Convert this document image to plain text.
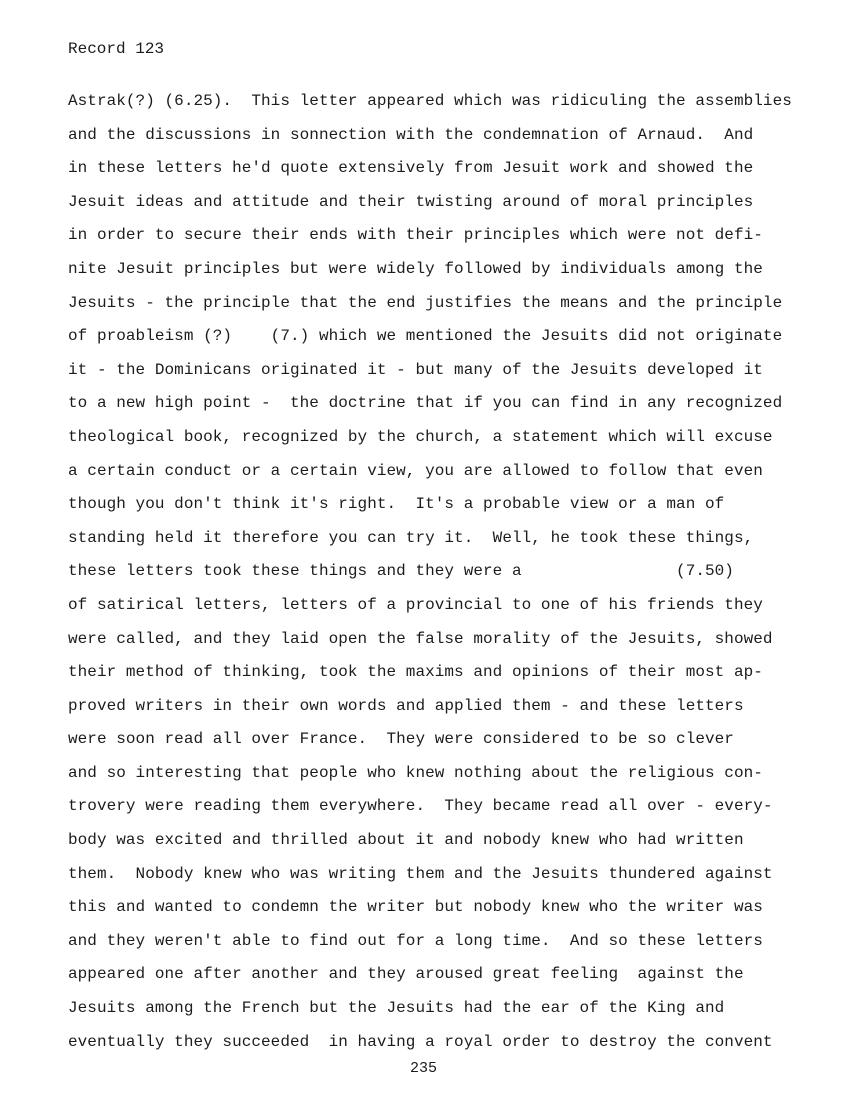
Record 123
Astrak(?) (6.25).  This letter appeared which was ridiculing the assemblies
and the discussions in sonnection with the condemnation of Arnaud.  And
in these letters he'd quote extensively from Jesuit work and showed the
Jesuit ideas and attitude and their twisting around of moral principles
in order to secure their ends with their principles which were not defi-
nite Jesuit principles but were widely followed by individuals among the
Jesuits - the principle that the end justifies the means and the principle
of proableism (?)    (7.) which we mentioned the Jesuits did not originate
it - the Dominicans originated it - but many of the Jesuits developed it
to a new high point -  the doctrine that if you can find in any recognized
theological book, recognized by the church, a statement which will excuse
a certain conduct or a certain view, you are allowed to follow that even
though you don't think it's right.  It's a probable view or a man of
standing held it therefore you can try it.  Well, he took these things,
these letters took these things and they were a                (7.50)
of satirical letters, letters of a provincial to one of his friends they
were called, and they laid open the false morality of the Jesuits, showed
their method of thinking, took the maxims and opinions of their most ap-
proved writers in their own words and applied them - and these letters
were soon read all over France.  They were considered to be so clever
and so interesting that people who knew nothing about the religious con-
trovery were reading them everywhere.  They became read all over - every-
body was excited and thrilled about it and nobody knew who had written
them.  Nobody knew who was writing them and the Jesuits thundered against
this and wanted to condemn the writer but nobody knew who the writer was
and they weren't able to find out for a long time.  And so these letters
appeared one after another and they aroused great feeling  against the
Jesuits among the French but the Jesuits had the ear of the King and
eventually they succeeded  in having a royal order to destroy the convent
235
